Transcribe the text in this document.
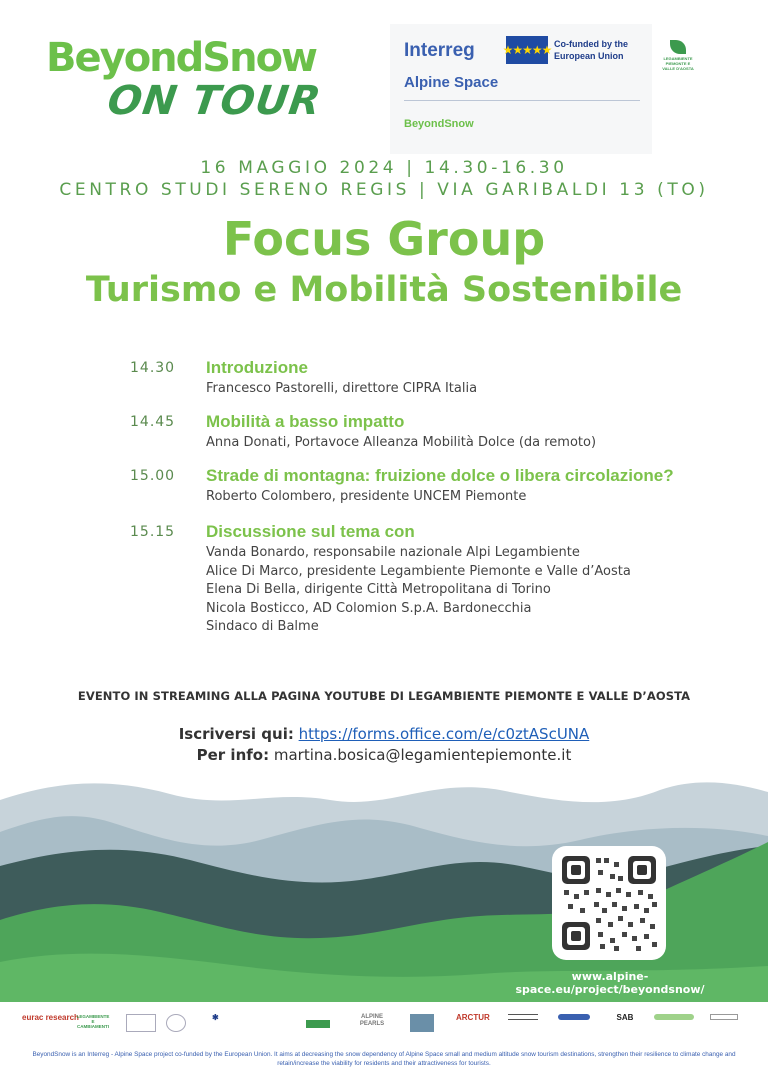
BeyondSnow
ON TOUR
Interreg ★★★★★ Co-funded by the European Union
Alpine Space
BeyondSnow
LEGAMBIENTE PIEMONTE E VALLE D'AOSTA
16 MAGGIO 2024 | 14.30-16.30
CENTRO STUDI SERENO REGIS | VIA GARIBALDI 13 (TO)
Focus Group
Turismo e Mobilità Sostenibile
14.30 Introduzione
Francesco Pastorelli, direttore CIPRA Italia
14.45 Mobilità a basso impatto
Anna Donati, Portavoce Alleanza Mobilità Dolce (da remoto)
15.00 Strade di montagna: fruizione dolce o libera circolazione?
Roberto Colombero, presidente UNCEM Piemonte
15.15 Discussione sul tema con
Vanda Bonardo, responsabile nazionale Alpi Legambiente
Alice Di Marco, presidente Legambiente Piemonte e Valle d’Aosta
Elena Di Bella, dirigente Città Metropolitana di Torino
Nicola Bosticco, AD Colomion S.p.A. Bardonecchia
Sindaco di Balme
EVENTO IN STREAMING ALLA PAGINA YOUTUBE DI LEGAMBIENTE PIEMONTE E VALLE D’AOSTA
Iscriversi qui: https://forms.office.com/e/c0ztAScUNA
Per info: martina.bosica@legamientepiemonte.it
www.alpine-space.eu/project/beyondsnow/
eurac research
LEGAMBIENTE E CAMBIAMENTI
✱	ALPINE PEARLS
ARCTUR	SAB
BeyondSnow is an Interreg - Alpine Space project co-funded by the European Union. It aims at decreasing the snow dependency of Alpine Space small and medium altitude snow tourism destinations, strengthen their resilience to climate change and retain/increase the viability for residents and their attractiveness for tourists.
